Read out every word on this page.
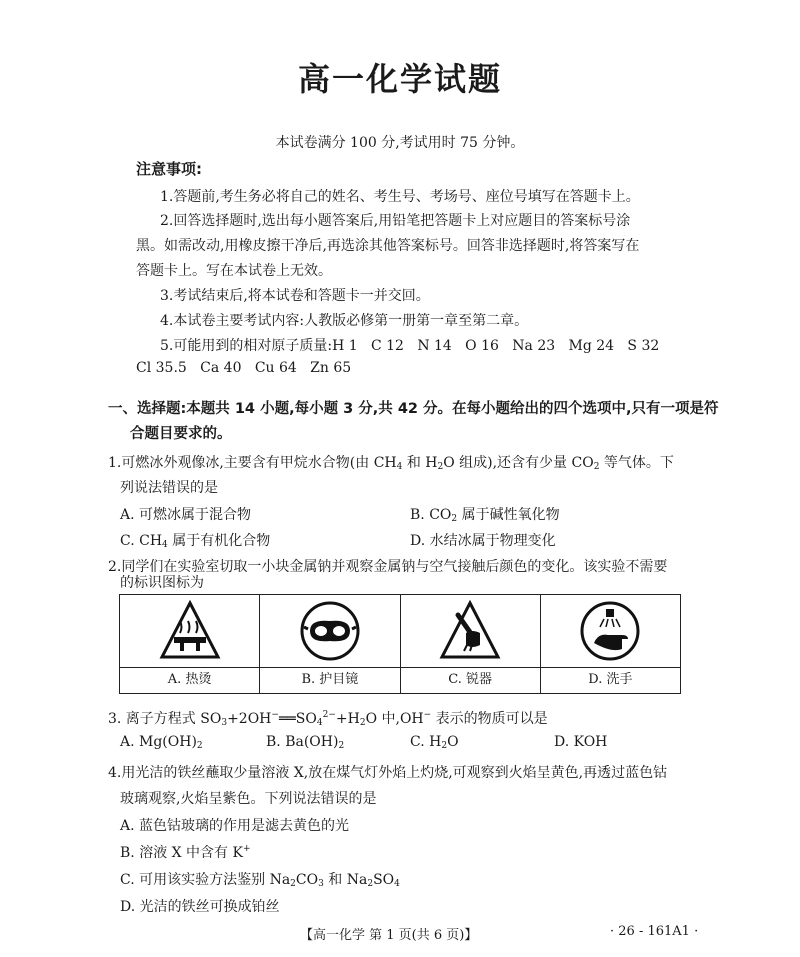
高一化学试题
本试卷满分 100 分,考试用时 75 分钟。
注意事项:
1.答题前,考生务必将自己的姓名、考生号、考场号、座位号填写在答题卡上。
2.回答选择题时,选出每小题答案后,用铅笔把答题卡上对应题目的答案标号涂
黑。如需改动,用橡皮擦干净后,再选涂其他答案标号。回答非选择题时,将答案写在
答题卡上。写在本试卷上无效。
3.考试结束后,将本试卷和答题卡一并交回。
4.本试卷主要考试内容:人教版必修第一册第一章至第二章。
5.可能用到的相对原子质量:H 1   C 12   N 14   O 16   Na 23   Mg 24   S 32
Cl 35.5   Ca 40   Cu 64   Zn 65
一、选择题:本题共 14 小题,每小题 3 分,共 42 分。在每小题给出的四个选项中,只有一项是符
合题目要求的。
1.可燃冰外观像冰,主要含有甲烷水合物(由 $CH_4$ 和 $H_2O$ 组成),还含有少量 $CO_2$ 等气体。下
列说法错误的是
A. 可燃冰属于混合物	B. $CO_2$ 属于碱性氧化物
C. $CH_4$ 属于有机化合物	D. 水结冰属于物理变化
2.同学们在实验室切取一小块金属钠并观察金属钠与空气接触后颜色的变化。该实验不需要
的标识图标为
A. 热烫	B. 护目镜	C. 锐器	D. 洗手
3. 离子方程式 $SO_3+2OH^-══SO_4^{2-}+H_2O$ 中,OH− 表示的物质可以是
A. $Mg(OH)_2$	B. $Ba(OH)_2$	C. $H_2O$	D. KOH
4.用光洁的铁丝蘸取少量溶液 X,放在煤气灯外焰上灼烧,可观察到火焰呈黄色,再透过蓝色钴
玻璃观察,火焰呈紫色。下列说法错误的是
A. 蓝色钴玻璃的作用是滤去黄色的光
B. 溶液 X 中含有 K+
C. 可用该实验方法鉴别 $Na_2CO_3$ 和 $Na_2SO_4$
D. 光洁的铁丝可换成铂丝
【高一化学 第 1 页(共 6 页)】	· 26 - 161A1 ·
